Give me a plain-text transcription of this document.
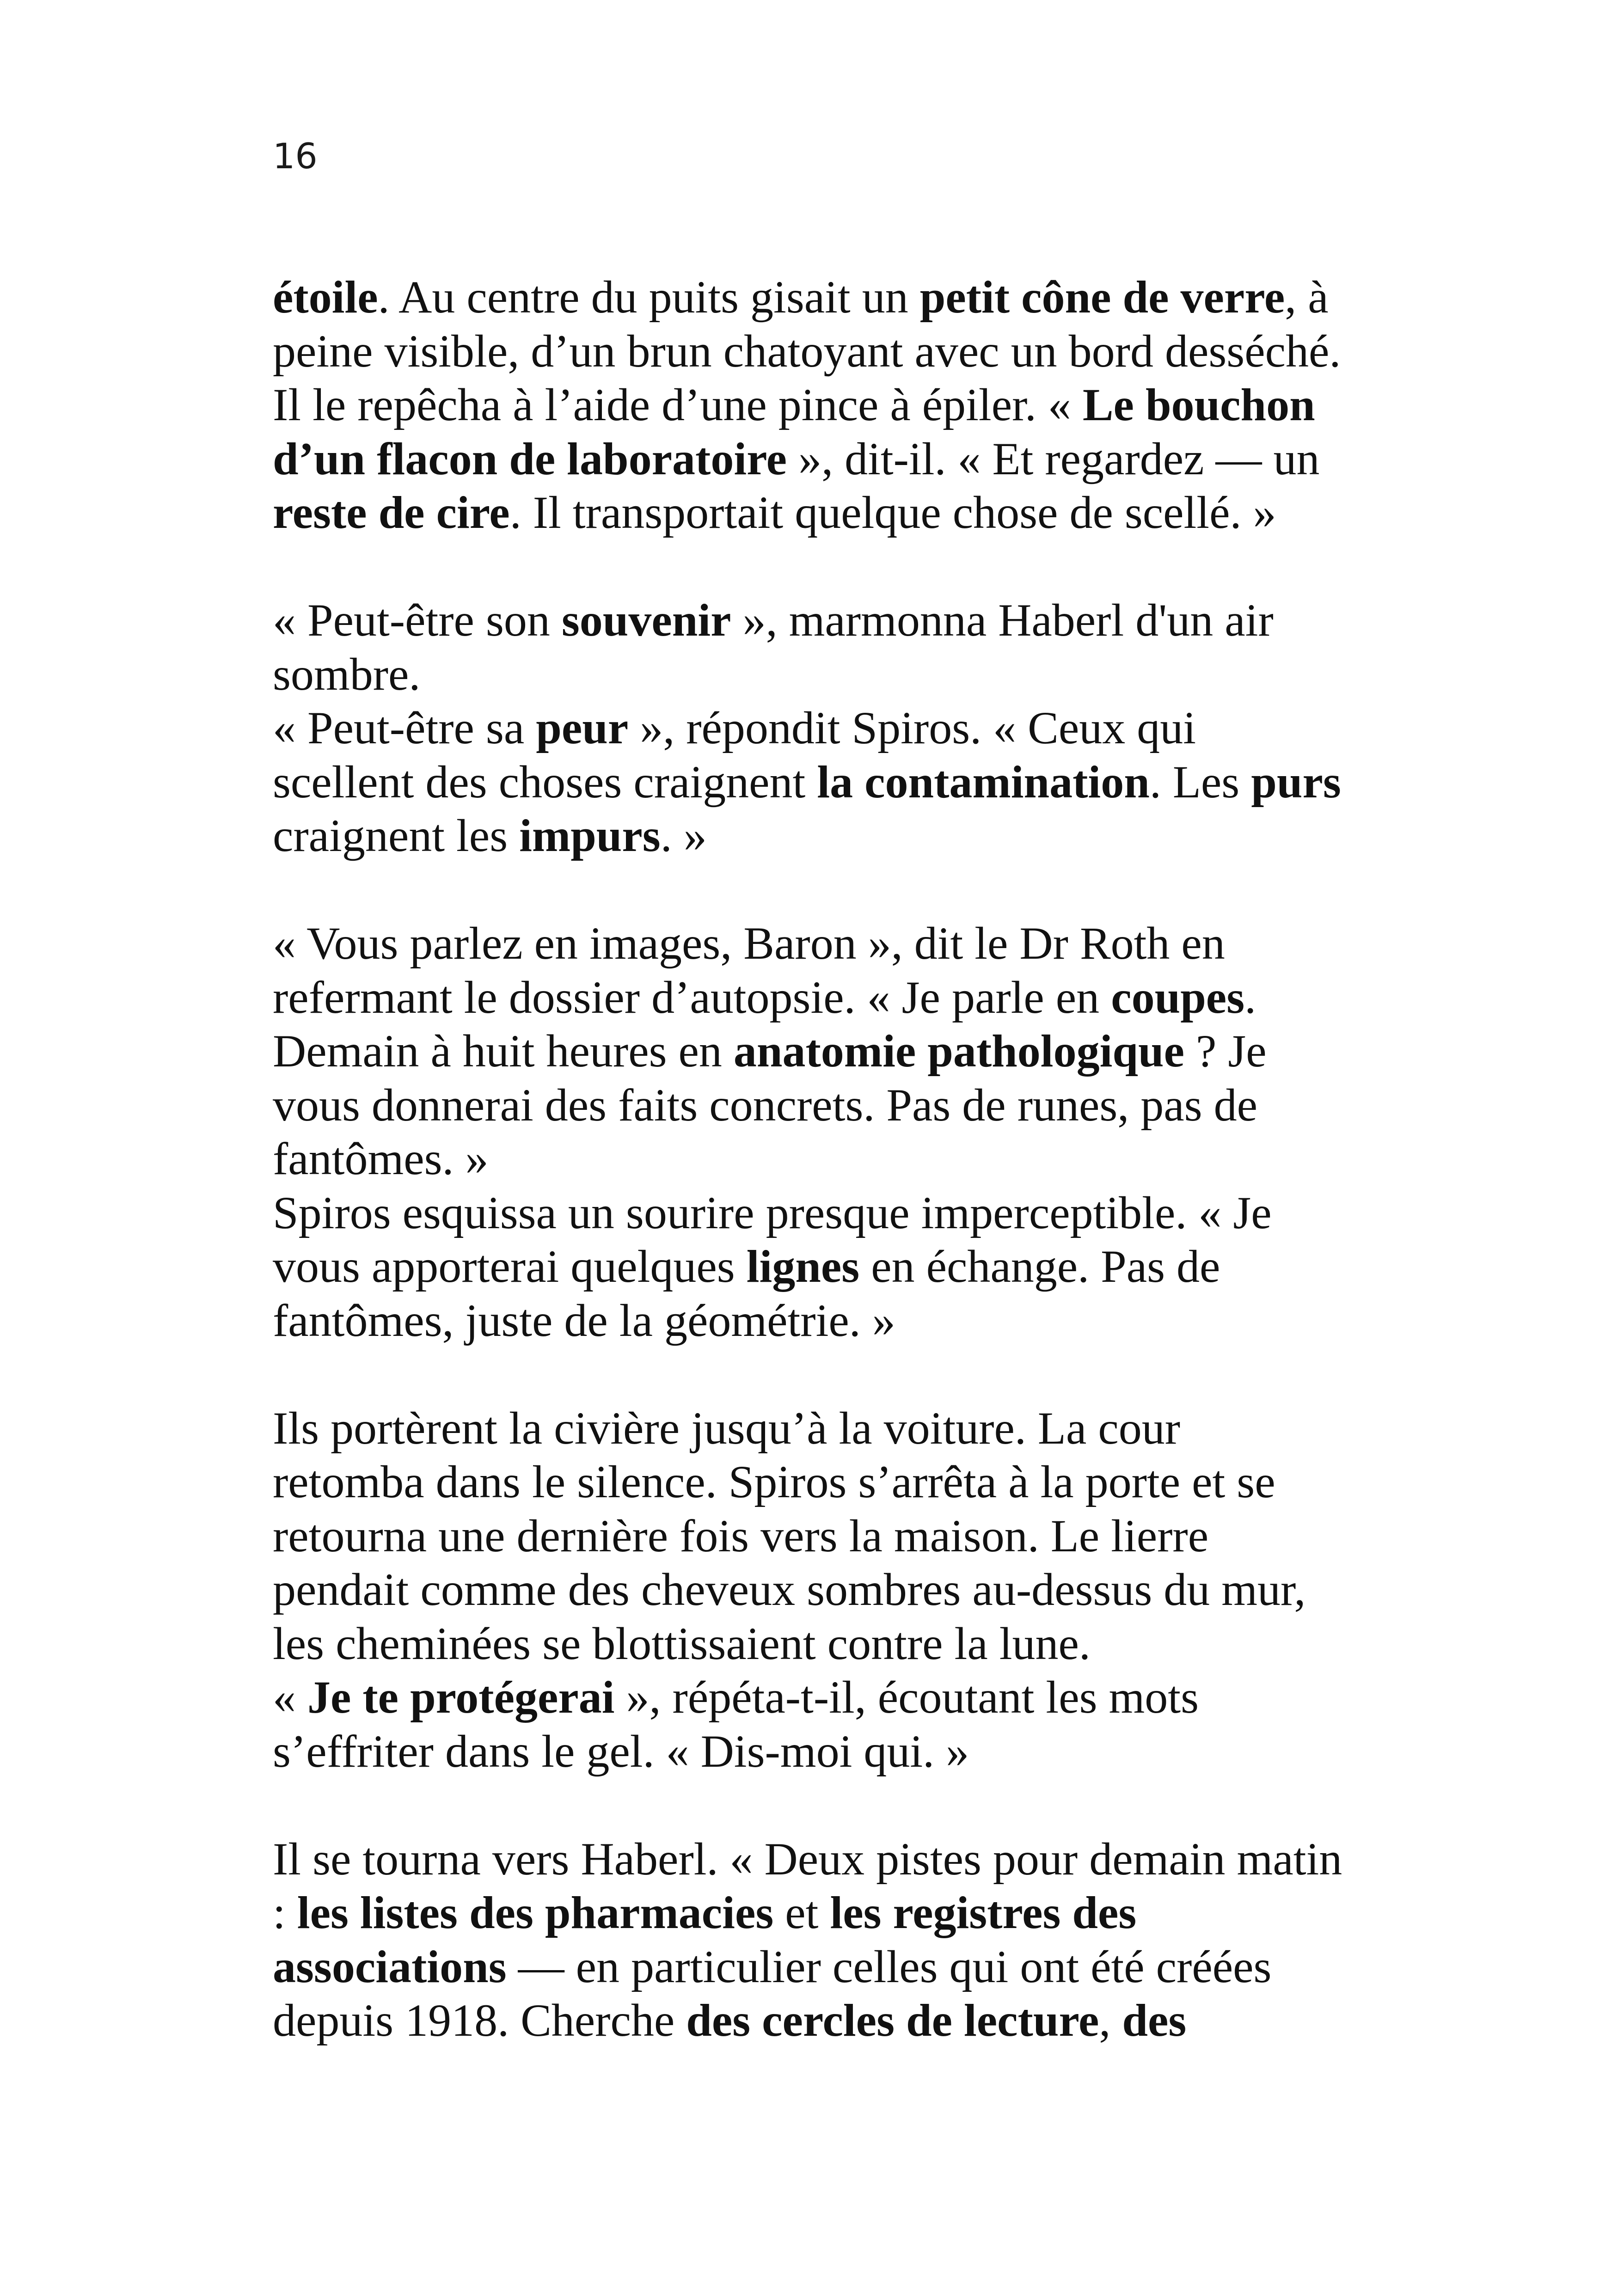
16
étoile. Au centre du puits gisait un petit cône de verre, à
peine visible, d’un brun chatoyant avec un bord desséché.
Il le repêcha à l’aide d’une pince à épiler. « Le bouchon
d’un flacon de laboratoire », dit-il. « Et regardez — un
reste de cire. Il transportait quelque chose de scellé. »
« Peut-être son souvenir », marmonna Haberl d'un air
sombre.
« Peut-être sa peur », répondit Spiros. « Ceux qui
scellent des choses craignent la contamination. Les purs
craignent les impurs. »
« Vous parlez en images, Baron », dit le Dr Roth en
refermant le dossier d’autopsie. « Je parle en coupes.
Demain à huit heures en anatomie pathologique ? Je
vous donnerai des faits concrets. Pas de runes, pas de
fantômes. »
Spiros esquissa un sourire presque imperceptible. « Je
vous apporterai quelques lignes en échange. Pas de
fantômes, juste de la géométrie. »
Ils portèrent la civière jusqu’à la voiture. La cour
retomba dans le silence. Spiros s’arrêta à la porte et se
retourna une dernière fois vers la maison. Le lierre
pendait comme des cheveux sombres au-dessus du mur,
les cheminées se blottissaient contre la lune.
« Je te protégerai », répéta-t-il, écoutant les mots
s’effriter dans le gel. « Dis-moi qui. »
Il se tourna vers Haberl. « Deux pistes pour demain matin
: les listes des pharmacies et les registres des
associations — en particulier celles qui ont été créées
depuis 1918. Cherche des cercles de lecture, des
